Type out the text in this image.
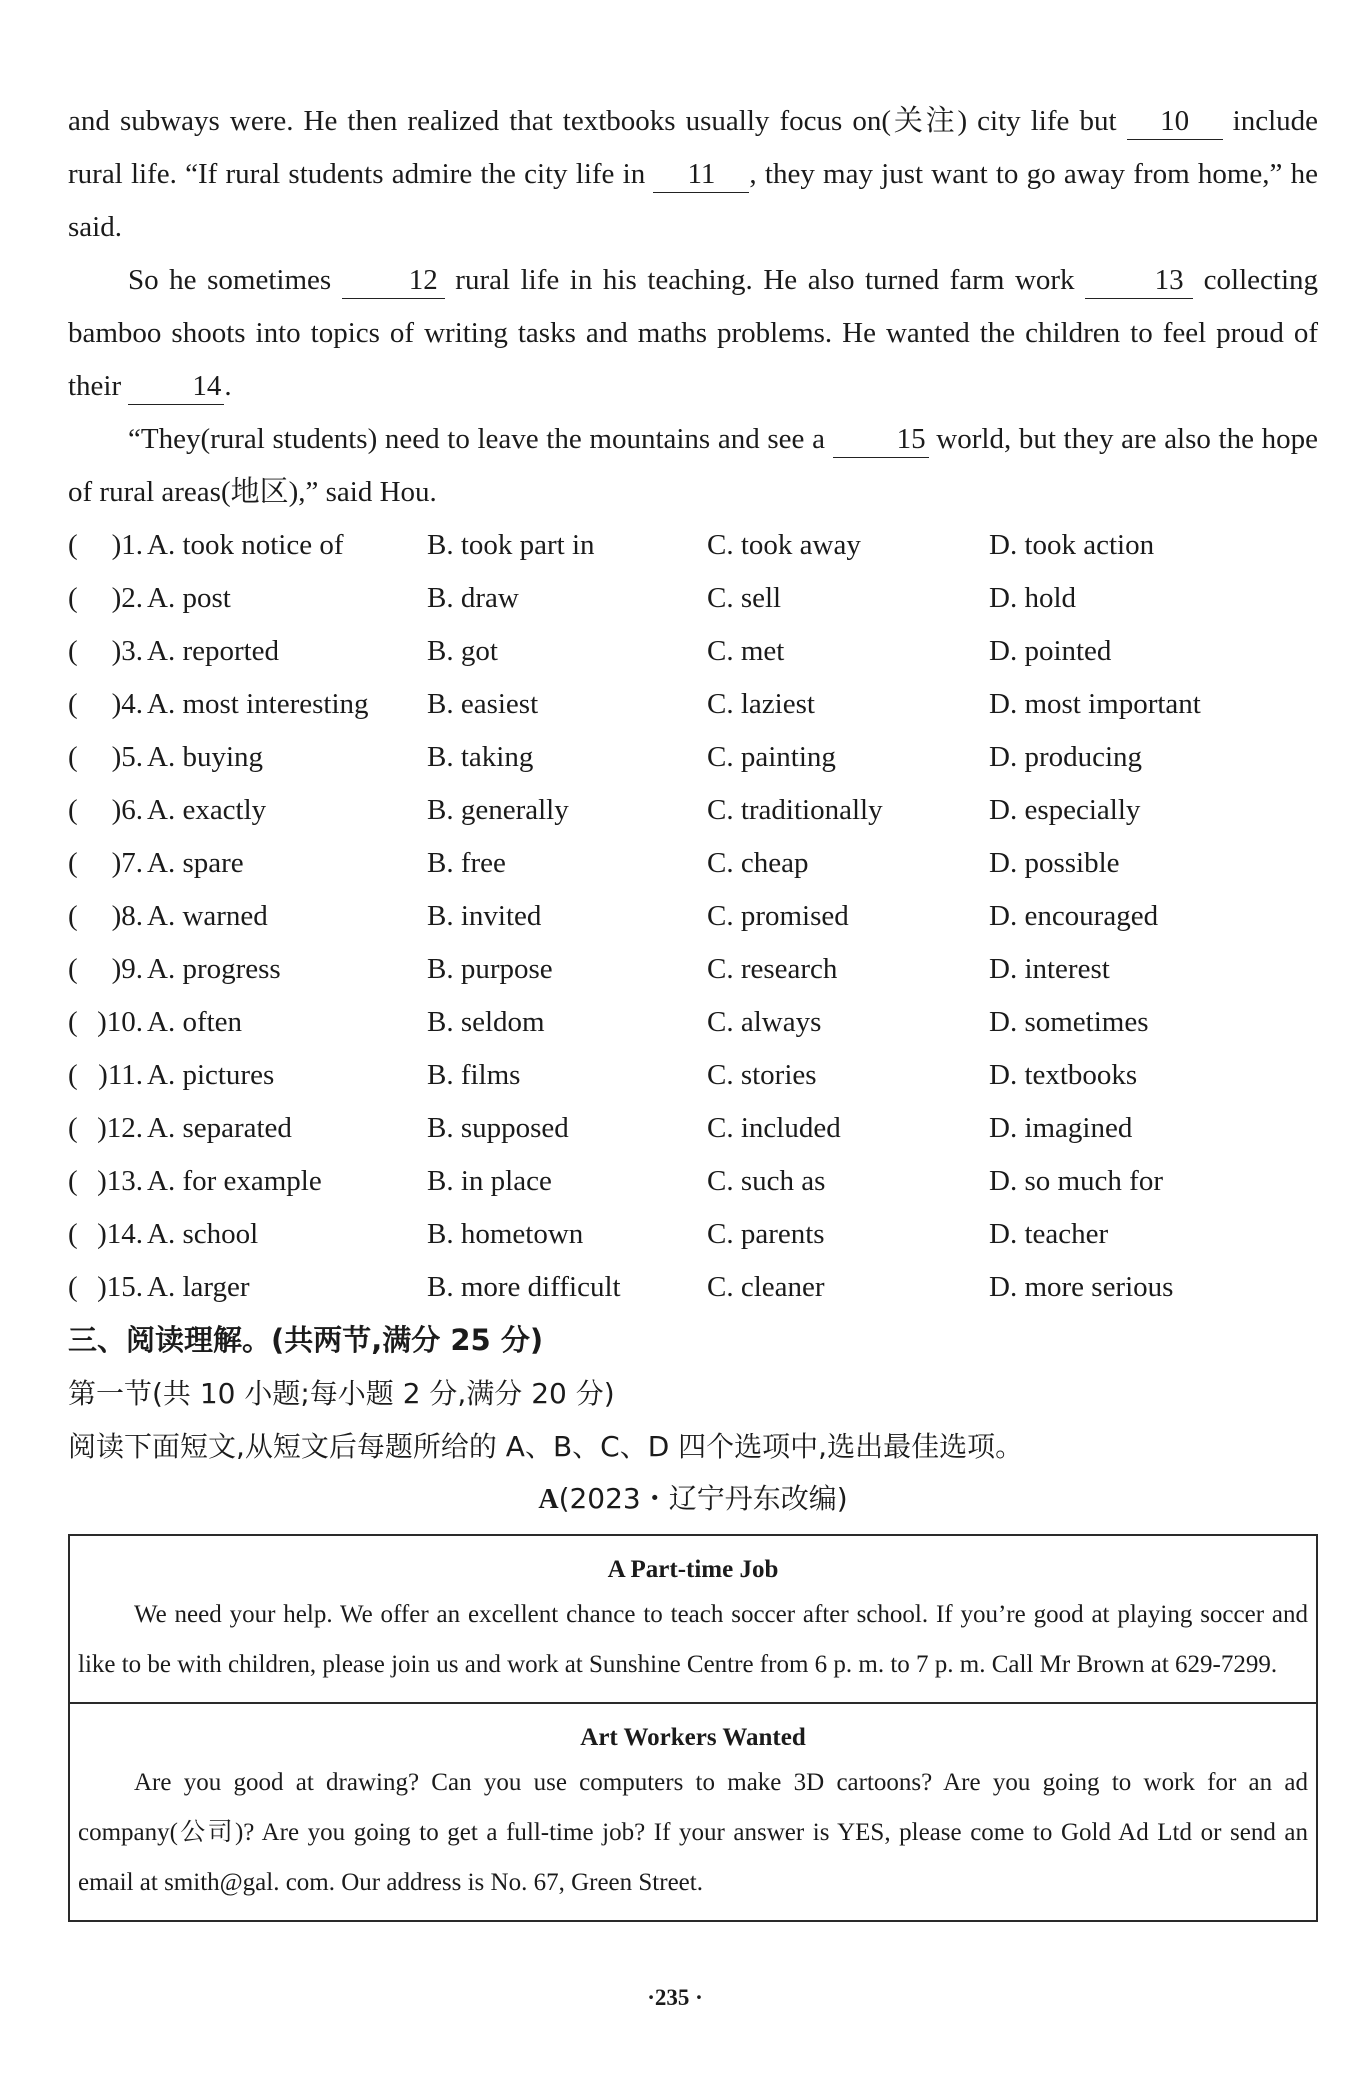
and subways were. He then realized that textbooks usually focus on(关注) city life but 10 include rural life. “If rural students admire the city life in 11 , they may just want to go away from home,” he said.

So he sometimes	12 rural life in his teaching. He also turned farm work	13 collecting bamboo shoots into topics of writing tasks and maths problems. He wanted the children to feel proud of their 14 .

“They(rural students) need to leave the mountains and see a 15 world, but they are also the hope of rural areas(地区),” said Hou.

(	)1. A. took notice of	B. took part in	C. took away	D. took action
(	)2. A. post	B. draw	C. sell	D. hold
(	)3. A. reported	B. got	C. met	D. pointed
(	)4. A. most interesting	B. easiest	C. laziest	D. most important
(	)5. A. buying	B. taking	C. painting	D. producing
(	)6. A. exactly	B. generally	C. traditionally	D. especially
(	)7. A. spare	B. free	C. cheap	D. possible
(	)8. A. warned	B. invited	C. promised	D. encouraged
(	)9. A. progress	B. purpose	C. research	D. interest
( )10. A. often	B. seldom	C. always	D. sometimes
( )11. A. pictures	B. films	C. stories	D. textbooks
( )12. A. separated	B. supposed	C. included	D. imagined
( )13. A. for example	B. in place	C. such as	D. so much for
( )14. A. school	B. hometown	C. parents	D. teacher
( )15. A. larger	B. more difficult	C. cleaner	D. more serious

三、阅读理解。(共两节,满分 25 分)

第一节(共 10 小题;每小题 2 分,满分 20 分)

阅读下面短文,从短文后每题所给的 A、B、C、D 四个选项中,选出最佳选项。

A(2023・辽宁丹东改编)
A Part-time Job

We need your help. We offer an excellent chance to teach soccer after school. If you’re good at playing soccer and like to be with children, please join us and work at Sunshine Centre from 6 p. m. to 7 p. m. Call Mr Brown at 629-7299.

Art Workers Wanted

Are you good at drawing? Can you use computers to make 3D cartoons? Are you going to work for an ad company(公司)? Are you going to get a full-time job? If your answer is YES, please come to Gold Ad Ltd or send an email at smith@gal. com. Our address is No. 67, Green Street.

·235 ·
